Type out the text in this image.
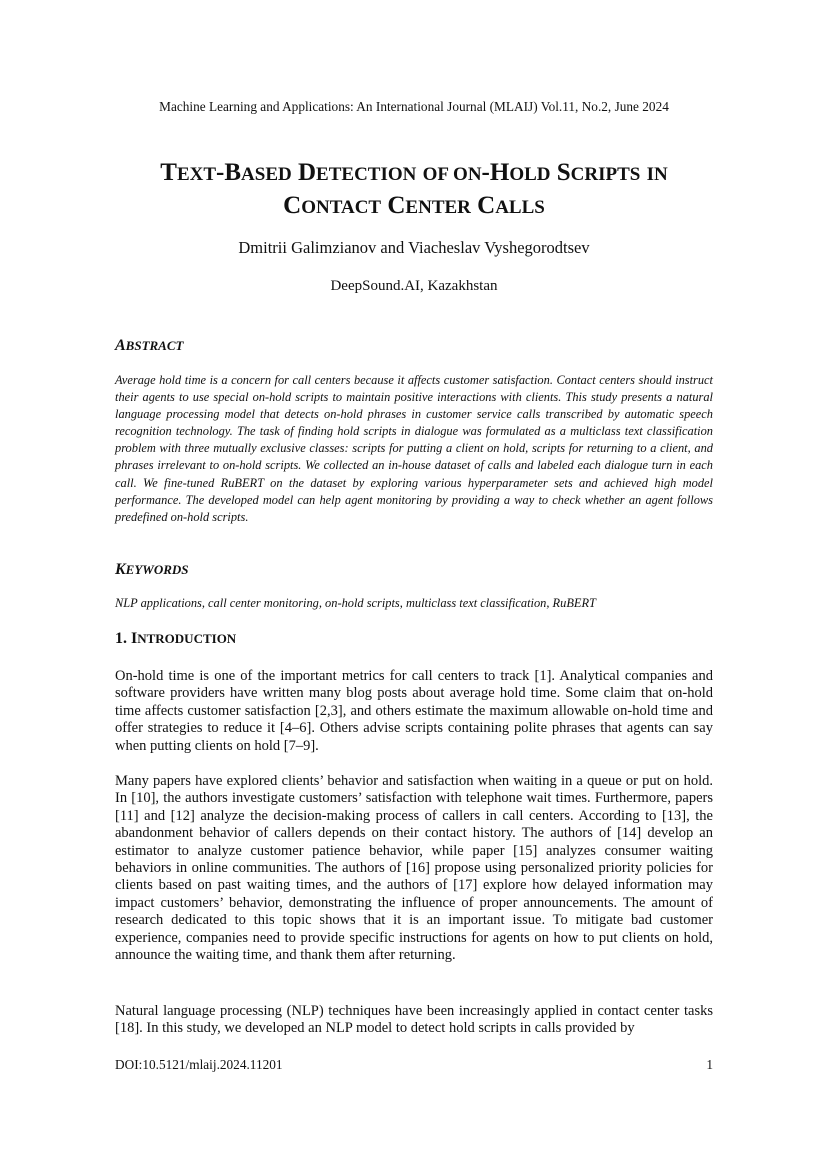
Machine Learning and Applications: An International Journal (MLAIJ) Vol.11, No.2, June 2024
TEXT-BASED DETECTION OF ON-HOLD SCRIPTS IN
CONTACT CENTER CALLS
Dmitrii Galimzianov and Viacheslav Vyshegorodtsev
DeepSound.AI, Kazakhstan
ABSTRACT
Average hold time is a concern for call centers because it affects customer satisfaction. Contact centers should instruct their agents to use special on-hold scripts to maintain positive interactions with clients. This study presents a natural language processing model that detects on-hold phrases in customer service calls transcribed by automatic speech recognition technology. The task of finding hold scripts in dialogue was formulated as a multiclass text classification problem with three mutually exclusive classes: scripts for putting a client on hold, scripts for returning to a client, and phrases irrelevant to on-hold scripts. We collected an in-house dataset of calls and labeled each dialogue turn in each call. We fine-tuned RuBERT on the dataset by exploring various hyperparameter sets and achieved high model performance. The developed model can help agent monitoring by providing a way to check whether an agent follows predefined on-hold scripts.
KEYWORDS
NLP applications, call center monitoring, on-hold scripts, multiclass text classification, RuBERT
1. INTRODUCTION
On-hold time is one of the important metrics for call centers to track [1]. Analytical companies and software providers have written many blog posts about average hold time. Some claim that on-hold time affects customer satisfaction [2,3], and others estimate the maximum allowable on-hold time and offer strategies to reduce it [4–6]. Others advise scripts containing polite phrases that agents can say when putting clients on hold [7–9].
Many papers have explored clients’ behavior and satisfaction when waiting in a queue or put on hold. In [10], the authors investigate customers’ satisfaction with telephone wait times. Furthermore, papers [11] and [12] analyze the decision-making process of callers in call centers. According to [13], the abandonment behavior of callers depends on their contact history. The authors of [14] develop an estimator to analyze customer patience behavior, while paper [15] analyzes consumer waiting behaviors in online communities. The authors of [16] propose using personalized priority policies for clients based on past waiting times, and the authors of [17] explore how delayed information may impact customers’ behavior, demonstrating the influence of proper announcements. The amount of research dedicated to this topic shows that it is an important issue. To mitigate bad customer experience, companies need to provide specific instructions for agents on how to put clients on hold, announce the waiting time, and thank them after returning.
Natural language processing (NLP) techniques have been increasingly applied in contact center tasks [18]. In this study, we developed an NLP model to detect hold scripts in calls provided by
DOI:10.5121/mlaij.2024.11201	1
